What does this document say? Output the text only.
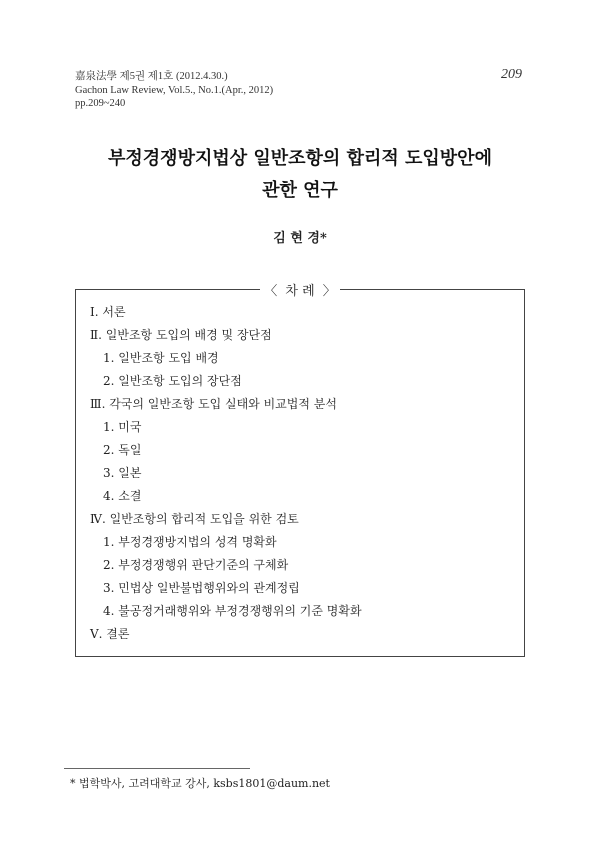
嘉泉法學 제5권 제1호 (2012.4.30.)
Gachon Law Review, Vol.5., No.1.(Apr., 2012)
pp.209~240
209
부정경쟁방지법상 일반조항의 합리적 도입방안에
관한 연구
김 현 경*
〈 차 례 〉
Ⅰ. 서론
Ⅱ. 일반조항 도입의 배경 및 장단점
1. 일반조항 도입 배경
2. 일반조항 도입의 장단점
Ⅲ. 각국의 일반조항 도입 실태와 비교법적 분석
1. 미국
2. 독일
3. 일본
4. 소결
Ⅳ. 일반조항의 합리적 도입을 위한 검토
1. 부정경쟁방지법의 성격 명확화
2. 부정경쟁행위 판단기준의 구체화
3. 민법상 일반불법행위와의 관계정립
4. 불공정거래행위와 부정경쟁행위의 기준 명확화
Ⅴ. 결론
* 법학박사, 고려대학교 강사, ksbs1801@daum.net
